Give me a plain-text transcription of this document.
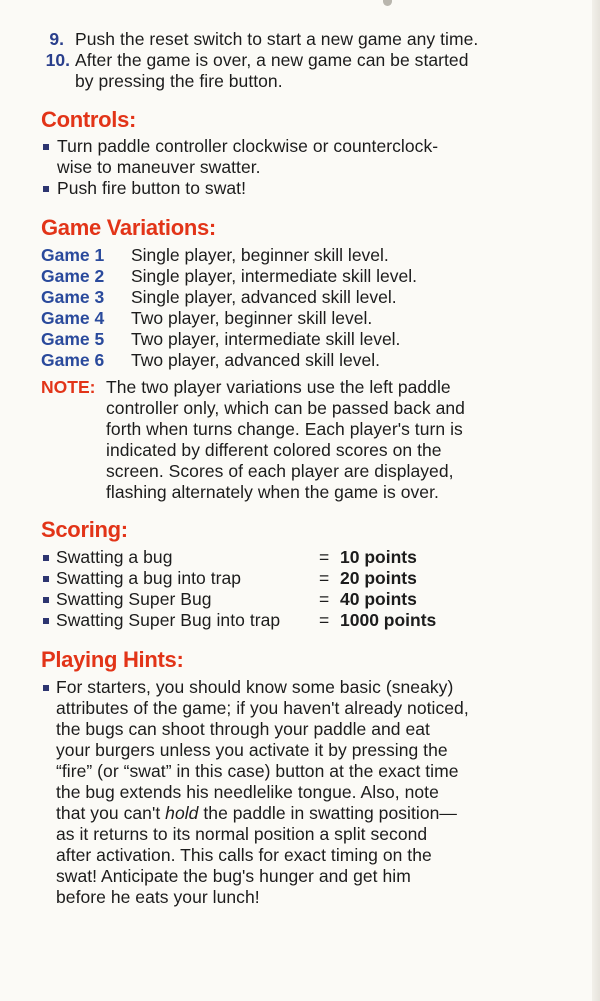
9. Push the reset switch to start a new game any time.
10. After the game is over, a new game can be started
by pressing the fire button.
Controls:
Turn paddle controller clockwise or counterclock-
wise to maneuver swatter.
Push fire button to swat!
Game Variations:
Game 1 Single player, beginner skill level.
Game 2 Single player, intermediate skill level.
Game 3 Single player, advanced skill level.
Game 4 Two player, beginner skill level.
Game 5 Two player, intermediate skill level.
Game 6 Two player, advanced skill level.
NOTE: The two player variations use the left paddle
controller only, which can be passed back and
forth when turns change. Each player's turn is
indicated by different colored scores on the
screen. Scores of each player are displayed,
flashing alternately when the game is over.
Scoring:
Swatting a bug	= 10 points
Swatting a bug into trap	= 20 points
Swatting Super Bug	= 40 points
Swatting Super Bug into trap = 1000 points
Playing Hints:
For starters, you should know some basic (sneaky)
attributes of the game; if you haven't already noticed,
the bugs can shoot through your paddle and eat
your burgers unless you activate it by pressing the
“fire” (or “swat” in this case) button at the exact time
the bug extends his needlelike tongue. Also, note
that you can't hold the paddle in swatting position—
as it returns to its normal position a split second
after activation. This calls for exact timing on the
swat! Anticipate the bug's hunger and get him
before he eats your lunch!
